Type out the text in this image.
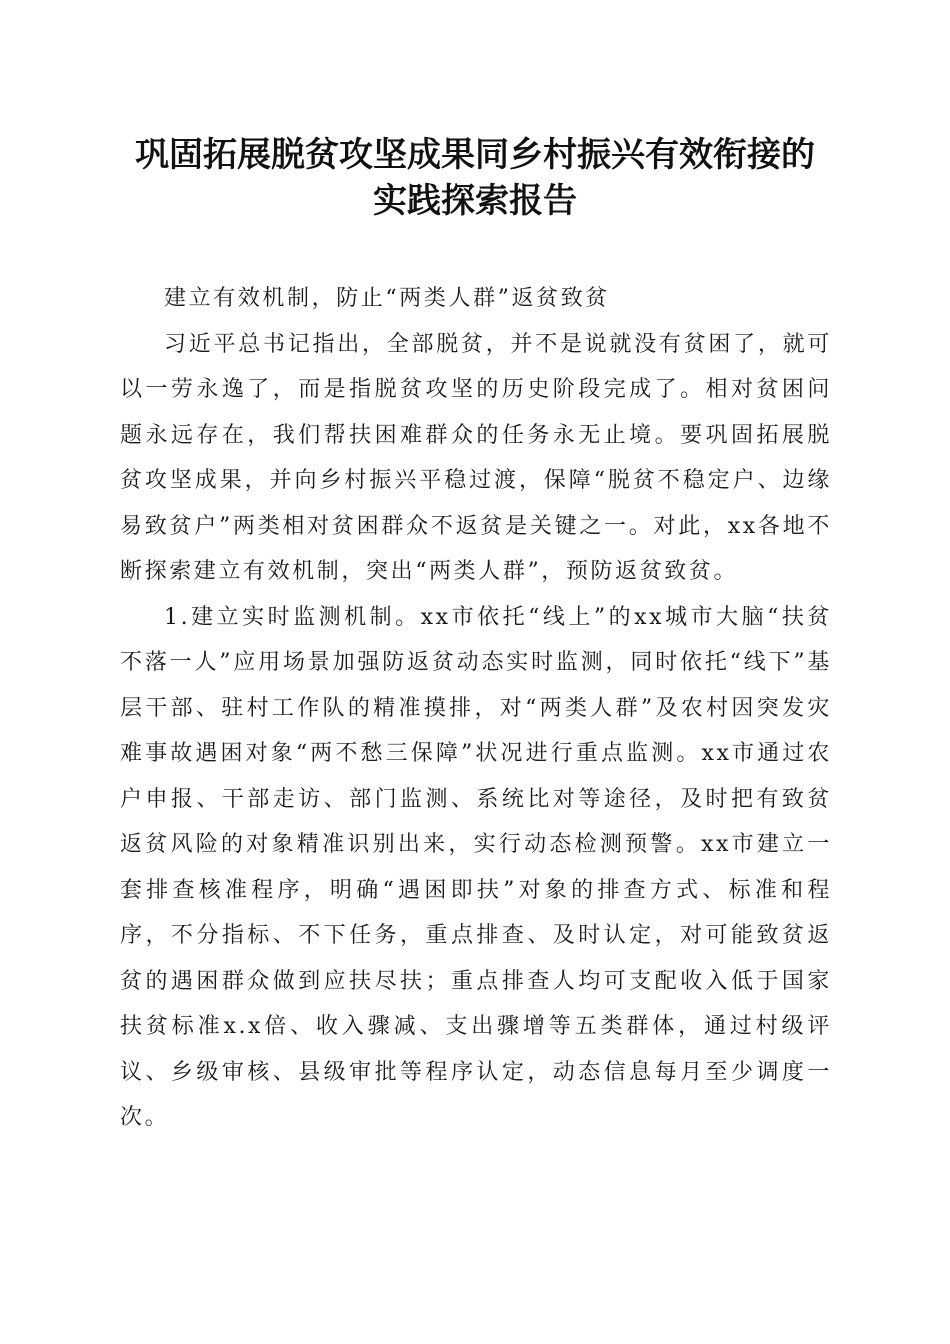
巩固拓展脱贫攻坚成果同乡村振兴有效衔接的
实践探索报告

建立有效机制，防止“两类人群”返贫致贫

习近平总书记指出，全部脱贫，并不是说就没有贫困了，就可以一劳永逸了，而是指脱贫攻坚的历史阶段完成了。相对贫困问题永远存在，我们帮扶困难群众的任务永无止境。要巩固拓展脱贫攻坚成果，并向乡村振兴平稳过渡，保障“脱贫不稳定户、边缘易致贫户”两类相对贫困群众不返贫是关键之一。对此，xx各地不断探索建立有效机制，突出“两类人群”，预防返贫致贫。

1.建立实时监测机制。xx市依托“线上”的xx城市大脑“扶贫不落一人”应用场景加强防返贫动态实时监测，同时依托“线下”基层干部、驻村工作队的精准摸排，对“两类人群”及农村因突发灾难事故遇困对象“两不愁三保障”状况进行重点监测。xx市通过农户申报、干部走访、部门监测、系统比对等途径，及时把有致贫返贫风险的对象精准识别出来，实行动态检测预警。xx市建立一套排查核准程序，明确“遇困即扶”对象的排查方式、标准和程序，不分指标、不下任务，重点排查、及时认定，对可能致贫返贫的遇困群众做到应扶尽扶；重点排查人均可支配收入低于国家扶贫标准x.x倍、收入骤减、支出骤增等五类群体，通过村级评议、乡级审核、县级审批等程序认定，动态信息每月至少调度一次。
